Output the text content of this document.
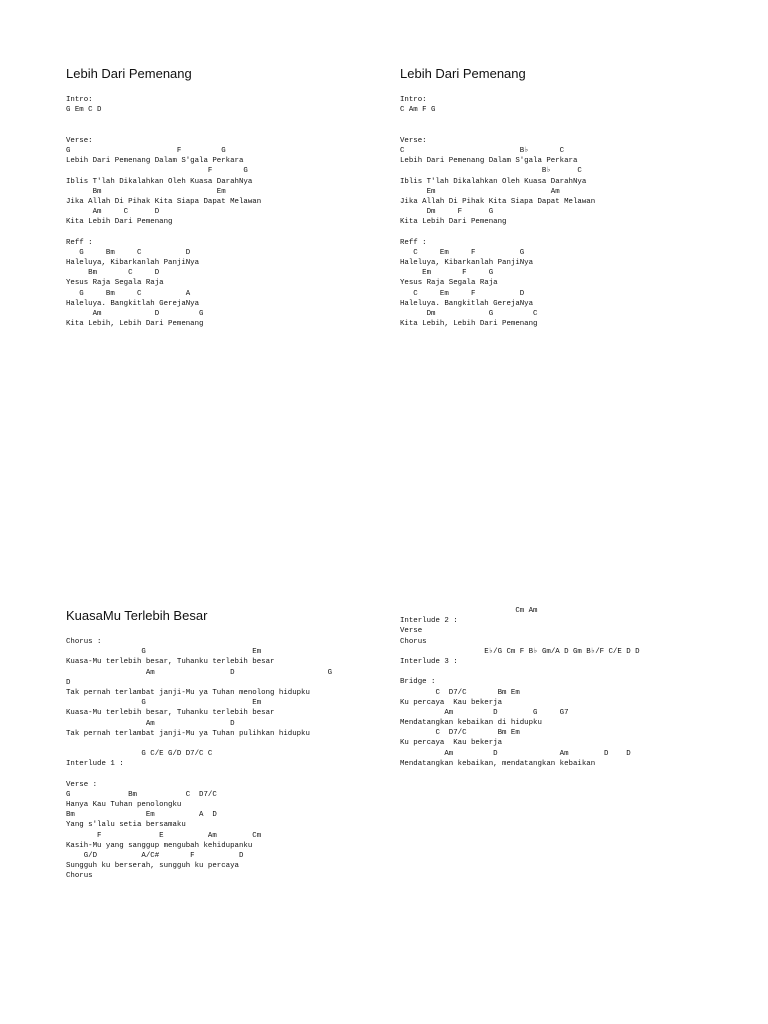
Lebih Dari Pemenang
Intro:
G Em C D
Verse:
G                        F         G
Lebih Dari Pemenang Dalam S'gala Perkara
F       G
Iblis T'lah Dikalahkan Oleh Kuasa DarahNya
Bm                          Em
Jika Allah Di Pihak Kita Siapa Dapat Melawan
Am     C      D
Kita Lebih Dari Pemenang
Reff :
G     Bm     C          D
Haleluya, Kibarkanlah PanjiNya
Bm       C     D
Yesus Raja Segala Raja
G     Bm     C          A
Haleluya. Bangkitlah GerejaNya
Am            D         G
Kita Lebih, Lebih Dari Pemenang
Lebih Dari Pemenang
Intro:
C Am F G
Verse:
C                          B♭       C
Lebih Dari Pemenang Dalam S'gala Perkara
B♭      C
Iblis T'lah Dikalahkan Oleh Kuasa DarahNya
Em                          Am
Jika Allah Di Pihak Kita Siapa Dapat Melawan
Dm     F      G
Kita Lebih Dari Pemenang
Reff :
C     Em     F          G
Haleluya, Kibarkanlah PanjiNya
Em       F     G
Yesus Raja Segala Raja
C     Em     F          D
Haleluya. Bangkitlah GerejaNya
Dm            G         C
Kita Lebih, Lebih Dari Pemenang
KuasaMu Terlebih Besar
Chorus :
G                        Em
Kuasa-Mu terlebih besar, Tuhanku terlebih besar
Am                 D                     G
D
Tak pernah terlambat janji-Mu ya Tuhan menolong hidupku
G                        Em
Kuasa-Mu terlebih besar, Tuhanku terlebih besar
Am                 D
Tak pernah terlambat janji-Mu ya Tuhan pulihkan hidupku
G C/E G/D D7/C C
Interlude 1 :
Verse :
G             Bm           C  D7/C
Hanya Kau Tuhan penolongku
Bm                Em          A  D
Yang s'lalu setia bersamaku
F             E          Am        Cm
Kasih-Mu yang sanggup mengubah kehidupanku
G/D          A/C#       F          D
Sungguh ku berserah, sungguh ku percaya
Chorus
Cm Am
Interlude 2 :
Verse
Chorus
E♭/G Cm F B♭ Gm/A D Gm B♭/F C/E D D
Interlude 3 :
Bridge :
C  D7/C       Bm Em
Ku percaya  Kau bekerja
Am         D        G     G7
Mendatangkan kebaikan di hidupku
C  D7/C       Bm Em
Ku percaya  Kau bekerja
Am         D              Am        D    D
Mendatangkan kebaikan, mendatangkan kebaikan
